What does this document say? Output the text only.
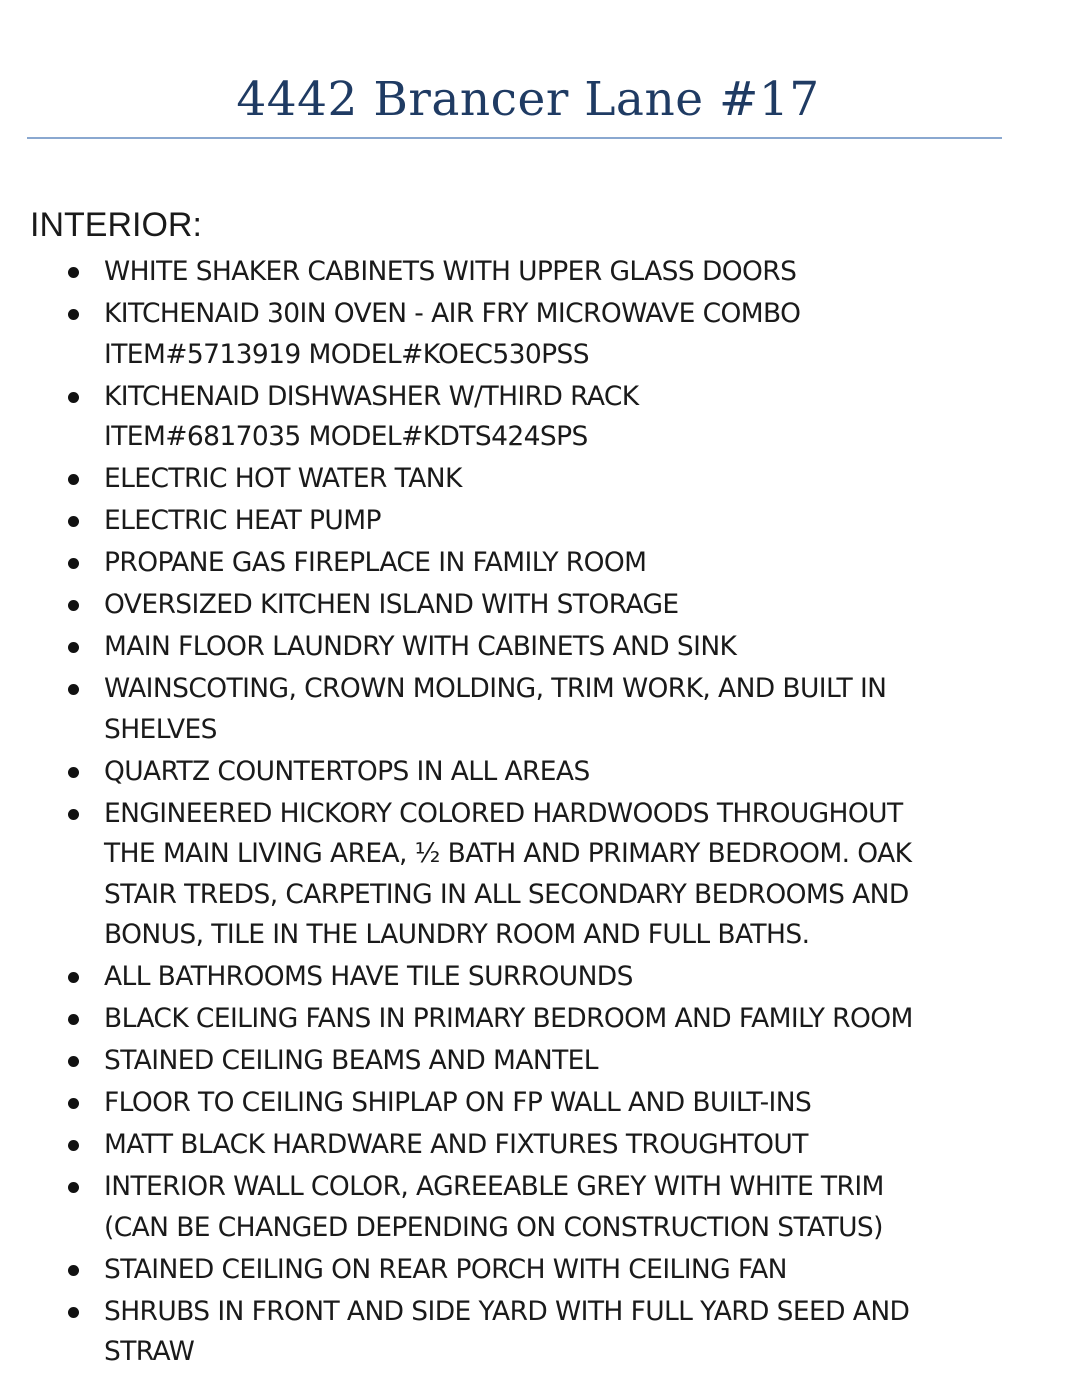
4442 Brancer Lane #17
INTERIOR:
WHITE SHAKER CABINETS WITH UPPER GLASS DOORS
KITCHENAID 30IN OVEN - AIR FRY MICROWAVE COMBO
ITEM#5713919 MODEL#KOEC530PSS
KITCHENAID DISHWASHER W/THIRD RACK
ITEM#6817035 MODEL#KDTS424SPS
ELECTRIC HOT WATER TANK
ELECTRIC HEAT PUMP
PROPANE GAS FIREPLACE IN FAMILY ROOM
OVERSIZED KITCHEN ISLAND WITH STORAGE
MAIN FLOOR LAUNDRY WITH CABINETS AND SINK
WAINSCOTING, CROWN MOLDING, TRIM WORK, AND BUILT IN
SHELVES
QUARTZ COUNTERTOPS IN ALL AREAS
ENGINEERED HICKORY COLORED HARDWOODS THROUGHOUT
THE MAIN LIVING AREA, ½ BATH AND PRIMARY BEDROOM. OAK
STAIR TREDS, CARPETING IN ALL SECONDARY BEDROOMS AND
BONUS, TILE IN THE LAUNDRY ROOM AND FULL BATHS.
ALL BATHROOMS HAVE TILE SURROUNDS
BLACK CEILING FANS IN PRIMARY BEDROOM AND FAMILY ROOM
STAINED CEILING BEAMS AND MANTEL
FLOOR TO CEILING SHIPLAP ON FP WALL AND BUILT-INS
MATT BLACK HARDWARE AND FIXTURES TROUGHTOUT
INTERIOR WALL COLOR, AGREEABLE GREY WITH WHITE TRIM
(CAN BE CHANGED DEPENDING ON CONSTRUCTION STATUS)
STAINED CEILING ON REAR PORCH WITH CEILING FAN
SHRUBS IN FRONT AND SIDE YARD WITH FULL YARD SEED AND
STRAW
